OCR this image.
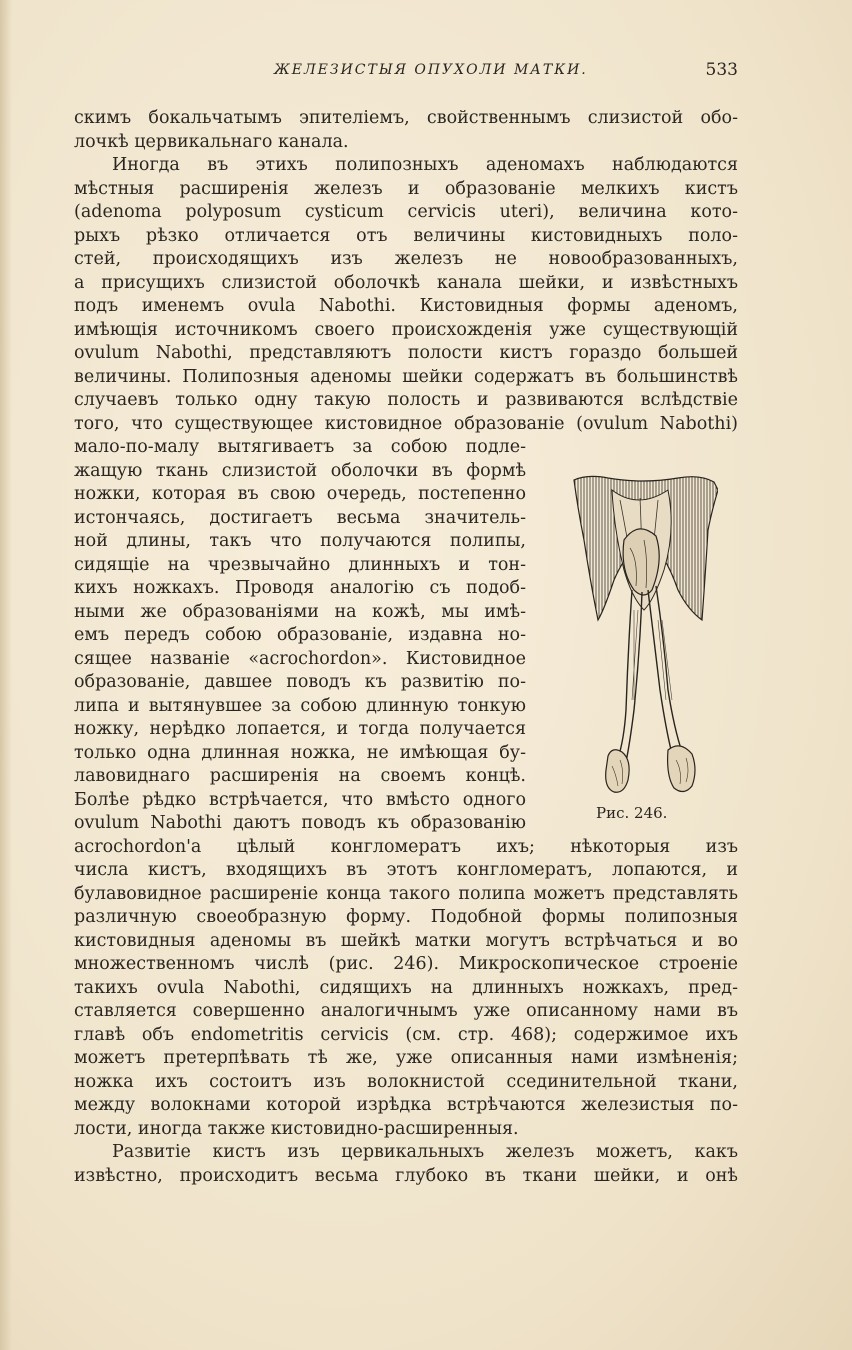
ЖЕЛЕЗИСТЫЯ ОПУХОЛИ МАТКИ.	533
скимъ бокальчатымъ эпителіемъ, свойственнымъ слизистой обо-
лочкѣ цервикальнаго канала.
Иногда въ этихъ полипозныхъ аденомахъ наблюдаются
мѣстныя расширенія железъ и образованіе мелкихъ кистъ
(adenoma polyposum cysticum cervicis uteri), величина кото-
рыхъ рѣзко отличается отъ величины кистовидныхъ поло-
стей, происходящихъ изъ железъ не новообразованныхъ,
а присущихъ слизистой оболочкѣ канала шейки, и извѣстныхъ
подъ именемъ ovula Nabothi. Кистовидныя формы аденомъ,
имѣющія источникомъ своего происхожденія уже существующій
ovulum Nabothi, представляютъ полости кистъ гораздо большей
величины. Полипозныя аденомы шейки содержатъ въ большинствѣ
случаевъ только одну такую полость и развиваются вслѣдствіе
того, что существующее кистовидное образованіе (ovulum Nabothi)
мало-по-малу вытягиваетъ за собою подле-
жащую ткань слизистой оболочки въ формѣ
ножки, которая въ свою очередь, постепенно
истончаясь, достигаетъ весьма значитель-
ной длины, такъ что получаются полипы,
сидящіе на чрезвычайно длинныхъ и тон-
кихъ ножкахъ. Проводя аналогію съ подоб-
ными же образованіями на кожѣ, мы имѣ-
емъ передъ собою образованіе, издавна но-
сящее названіе «acrochordon». Кистовидное
образованіе, давшее поводъ къ развитію по-
липа и вытянувшее за собою длинную тонкую
ножку, нерѣдко лопается, и тогда получается
только одна длинная ножка, не имѣющая бу-
лавовиднаго расширенія на своемъ концѣ.
Болѣе рѣдко встрѣчается, что вмѣсто одного
ovulum Nabothi даютъ поводъ къ образованію
acrochordon'а цѣлый конгломератъ ихъ; нѣкоторыя изъ
числа кистъ, входящихъ въ этотъ конгломератъ, лопаются, и
булавовидное расширеніе конца такого полипа можетъ представлять
различную своеобразную форму. Подобной формы полипозныя
кистовидныя аденомы въ шейкѣ матки могутъ встрѣчаться и во
множественномъ числѣ (рис. 246). Микроскопическое строеніе
такихъ ovula Nabothi, сидящихъ на длинныхъ ножкахъ, пред-
ставляется совершенно аналогичнымъ уже описанному нами въ
главѣ объ endometritis cervicis (см. стр. 468); содержимое ихъ
можетъ претерпѣвать тѣ же, уже описанныя нами измѣненія;
ножка ихъ состоитъ изъ волокнистой ссединительной ткани,
между волокнами которой изрѣдка встрѣчаются железистыя по-
лости, иногда также кистовидно-расширенныя.
Развитіе кистъ изъ цервикальныхъ железъ можетъ, какъ
извѣстно, происходитъ весьма глубоко въ ткани шейки, и онѣ
Рис. 246.
